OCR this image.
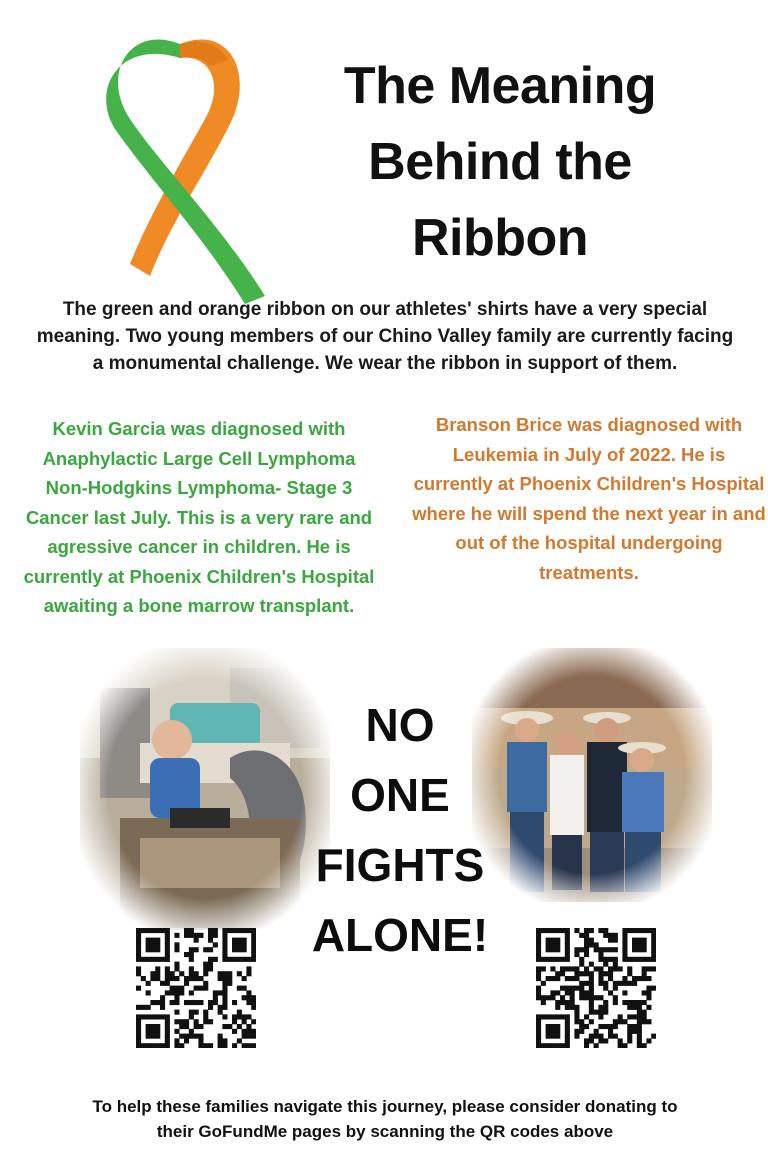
The Meaning
Behind the
Ribbon
The green and orange ribbon on our athletes' shirts have a very special meaning. Two young members of our Chino Valley family are currently facing a monumental challenge. We wear the ribbon in support of them.
Kevin Garcia was diagnosed with Anaphylactic Large Cell Lymphoma Non-Hodgkins Lymphoma- Stage 3 Cancer last July. This is a very rare and agressive cancer in children. He is currently at Phoenix Children's Hospital awaiting a bone marrow transplant.
Branson Brice was diagnosed with Leukemia in July of 2022. He is currently at Phoenix Children's Hospital where he will spend the next year in and out of the hospital undergoing treatments.
NO
ONE
FIGHTS
ALONE!
To help these families navigate this journey, please consider donating to
their GoFundMe pages by scanning the QR codes above
